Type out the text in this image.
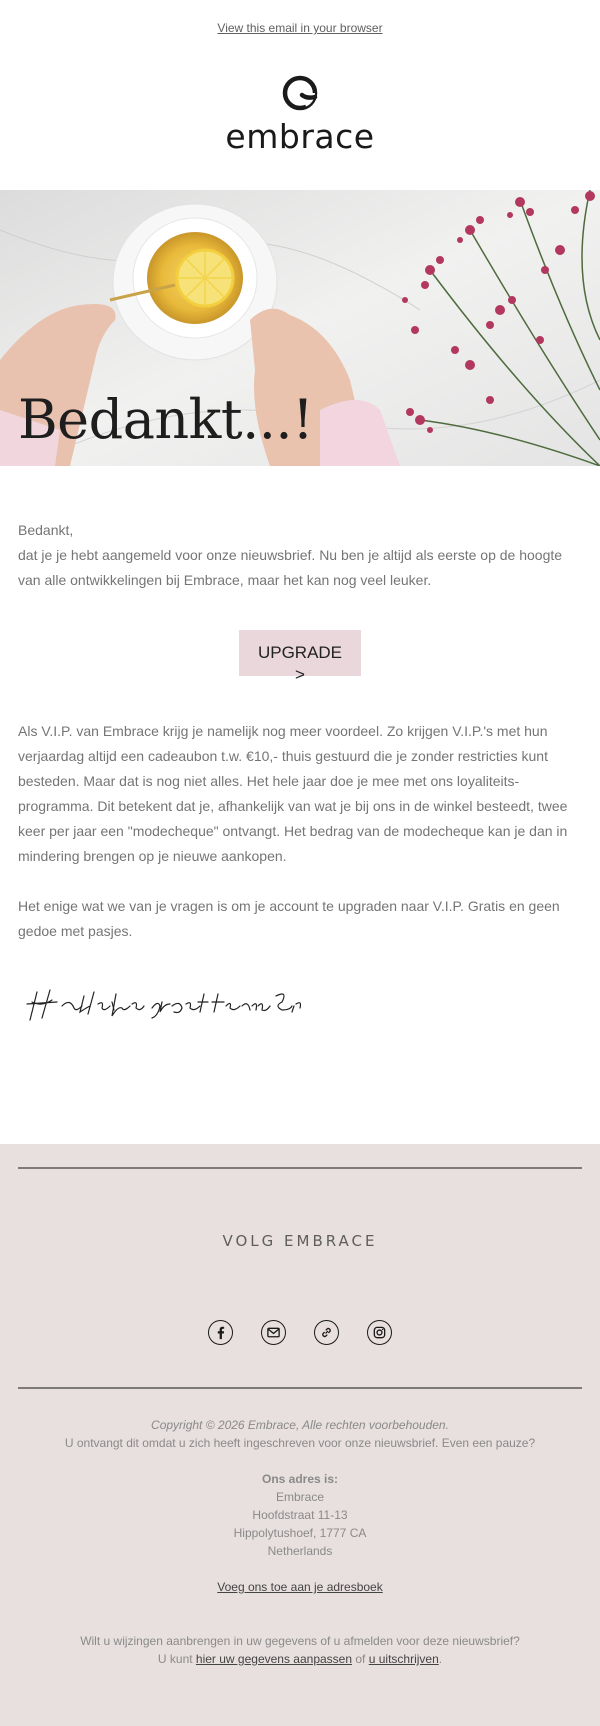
View this email in your browser
embrace
Bedankt...!

Bedankt,

dat je je hebt aangemeld voor onze nieuwsbrief. Nu ben je altijd als eerste op de hoogte van alle ontwikkelingen bij Embrace, maar het kan nog veel leuker.

UPGRADE >

Als V.I.P. van Embrace krijg je namelijk nog meer voordeel. Zo krijgen V.I.P.'s met hun verjaardag altijd een cadeaubon t.w. €10,- thuis gestuurd die je zonder restricties kunt besteden. Maar dat is nog niet alles. Het hele jaar doe je mee met ons loyaliteits-programma. Dit betekent dat je, afhankelijk van wat je bij ons in de winkel besteedt, twee keer per jaar een "modecheque" ontvangt. Het bedrag van de modecheque kan je dan in mindering brengen op je nieuwe aankopen.

Het enige wat we van je vragen is om je account te upgraden naar V.I.P. Gratis en geen gedoe met pasjes.

VOLG EMBRACE
Copyright © 2026 Embrace, Alle rechten voorbehouden.
U ontvangt dit omdat u zich heeft ingeschreven voor onze nieuwsbrief. Even een pauze?
Ons adres is:
Embrace
Hoofdstraat 11-13
Hippolytushoef, 1777 CA
Netherlands
Voeg ons toe aan je adresboek
Wilt u wijzingen aanbrengen in uw gegevens of u afmelden voor deze nieuwsbrief?
U kunt hier uw gegevens aanpassen of u uitschrijven.
